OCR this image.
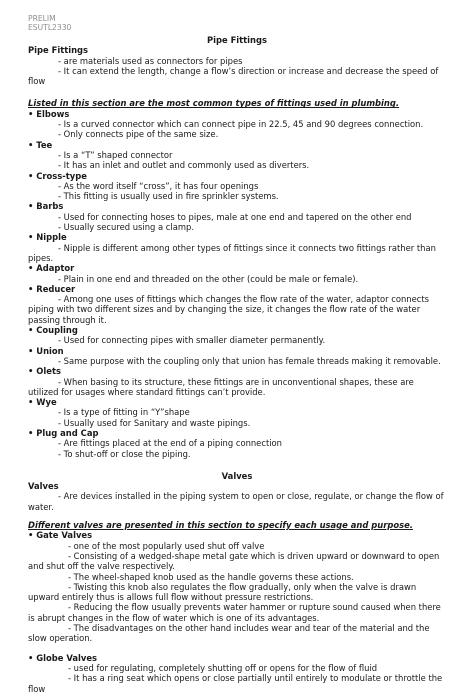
PRELIM
ESUTL2330
Pipe Fittings
Pipe Fittings
- are materials used as connectors for pipes
- It can extend the length, change a flow’s direction or increase and decrease the speed of flow
Listed in this section are the most common types of fittings used in plumbing.
• Elbows
- Is a curved connector which can connect pipe in 22.5, 45 and 90 degrees connection.
- Only connects pipe of the same size.
• Tee
- Is a “T” shaped connector
- It has an inlet and outlet and commonly used as diverters.
• Cross-type
- As the word itself “cross”, it has four openings
- This fitting is usually used in fire sprinkler systems.
• Barbs
- Used for connecting hoses to pipes, male at one end and tapered on the other end
- Usually secured using a clamp.
• Nipple
- Nipple is different among other types of fittings since it connects two fittings rather than pipes.
• Adaptor
- Plain in one end and threaded on the other (could be male or female).
• Reducer
- Among one uses of fittings which changes the flow rate of the water, adaptor connects piping with two different sizes and by changing the size, it changes the flow rate of the water passing through it.
• Coupling
- Used for connecting pipes with smaller diameter permanently.
• Union
- Same purpose with the coupling only that union has female threads making it removable.
• Olets
- When basing to its structure, these fittings are in unconventional shapes, these are utilized for usages where standard fittings can’t provide.
• Wye
- Is a type of fitting in “Y”shape
- Usually used for Sanitary and waste pipings.
• Plug and Cap
- Are fittings placed at the end of a piping connection
- To shut-off or close the piping.
Valves
Valves
- Are devices installed in the piping system to open or close, regulate, or change the flow of water.
Different valves are presented in this section to specify each usage and purpose.
• Gate Valves
- one of the most popularly used shut off valve
- Consisting of a wedged-shape metal gate which is driven upward or downward to open and shut off the valve respectively.
- The wheel-shaped knob used as the handle governs these actions.
- Twisting this knob also regulates the flow gradually, only when the valve is drawn upward entirely thus is allows full flow without pressure restrictions.
- Reducing the flow usually prevents water hammer or rupture sound caused when there is abrupt changes in the flow of water which is one of its advantages.
- The disadvantages on the other hand includes wear and tear of the material and the slow operation.
• Globe Valves
- used for regulating, completely shutting off or opens for the flow of fluid
- It has a ring seat which opens or close partially until entirely to modulate or throttle the flow
